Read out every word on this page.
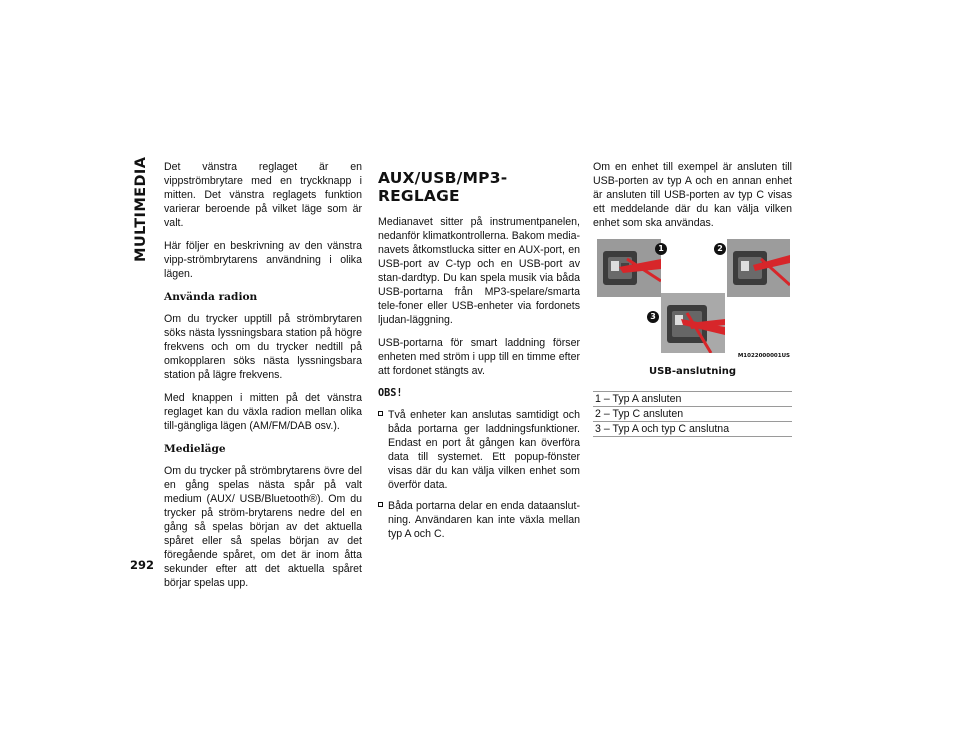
MULTIMEDIA
292

Det vänstra reglaget är en vippströmbrytare med en tryckknapp i mitten. Det vänstra reglagets funktion varierar beroende på vilket läge som är valt.

Här följer en beskrivning av den vänstra vipp-strömbrytarens användning i olika lägen.

Använda radion

Om du trycker upptill på strömbrytaren söks nästa lyssningsbara station på högre frekvens och om du trycker nedtill på omkopplaren söks nästa lyssningsbara station på lägre frekvens.

Med knappen i mitten på det vänstra reglaget kan du växla radion mellan olika till-gängliga lägen (AM/FM/DAB osv.).

Medieläge

Om du trycker på strömbrytarens övre del en gång spelas nästa spår på valt medium (AUX/ USB/Bluetooth®). Om du trycker på ström-brytarens nedre del en gång så spelas början av det aktuella spåret eller så spelas början av det föregående spåret, om det är inom åtta sekunder efter att det aktuella spåret börjar spelas upp.

AUX/USB/MP3-REGLAGE

Medianavet sitter på instrumentpanelen, nedanför klimatkontrollerna. Bakom media-navets åtkomstlucka sitter en AUX-port, en USB-port av C-typ och en USB-port av stan-dardtyp. Du kan spela musik via båda USB-portarna från MP3-spelare/smarta tele-foner eller USB-enheter via fordonets ljudan-läggning.

USB-portarna för smart laddning förser enheten med ström i upp till en timme efter att fordonet stängts av.

OBS!
Två enheter kan anslutas samtidigt och båda portarna ger laddningsfunktioner. Endast en port åt gången kan överföra data till systemet. Ett popup-fönster visas där du kan välja vilken enhet som överför data.
Båda portarna delar en enda dataanslut-ning. Användaren kan inte växla mellan typ A och C.

Om en enhet till exempel är ansluten till USB-porten av typ A och en annan enhet är ansluten till USB-porten av typ C visas ett meddelande där du kan välja vilken enhet som ska användas.

1	2
3
M1022000001US
USB-anslutning
1 – Typ A ansluten
2 – Typ C ansluten
3 – Typ A och typ C anslutna
